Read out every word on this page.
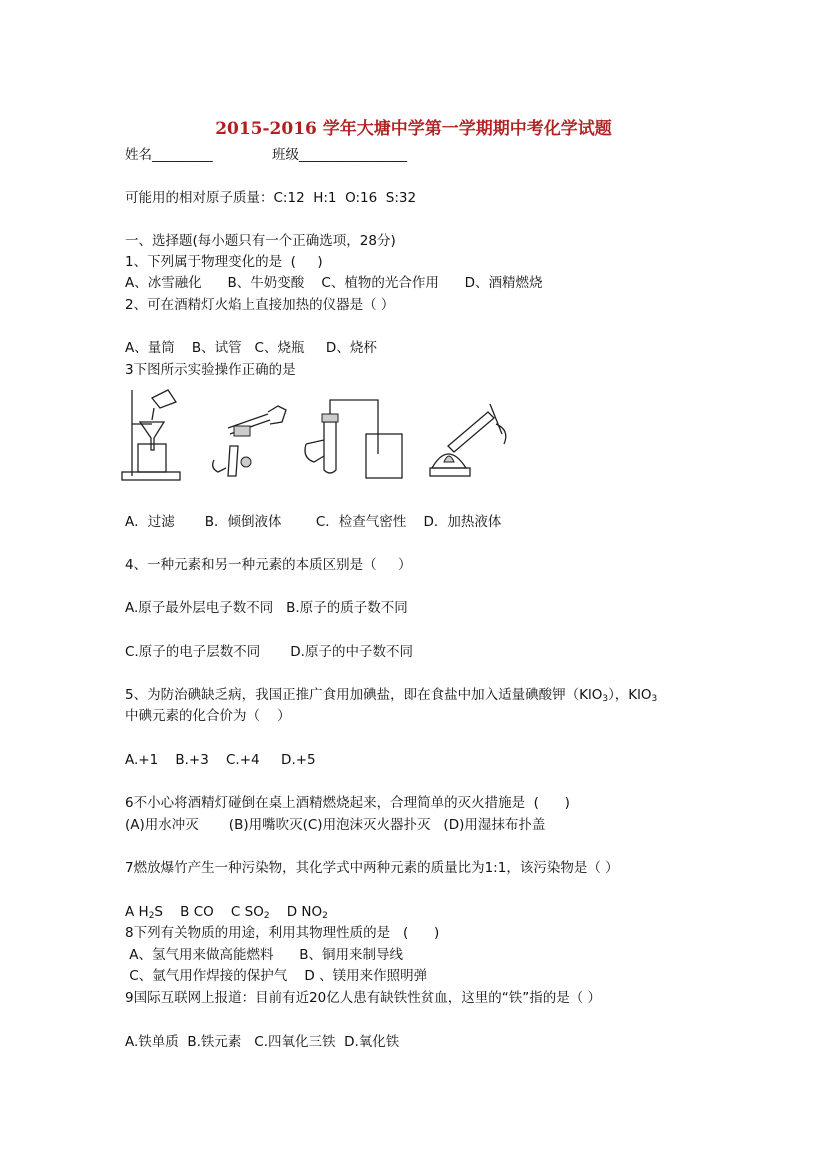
2015-2016 学年大塘中学第一学期期中考化学试题
姓名_________	班级________________
可能用的相对原子质量：C:12  H:1  O:16  S:32
一、选择题(每小题只有一个正确选项，28分)
1、下列属于物理变化的是  (     )
A、冰雪融化      B、牛奶变酸    C、植物的光合作用      D、酒精燃烧
2、可在酒精灯火焰上直接加热的仪器是（ ）
A、量筒    B、试管   C、烧瓶     D、烧杯
3下图所示实验操作正确的是
A．过滤       B．倾倒液体        C．检查气密性    D．加热液体
4、一种元素和另一种元素的本质区别是（     ）
A.原子最外层电子数不同   B.原子的质子数不同
C.原子的电子层数不同       D.原子的中子数不同
5、为防治碘缺乏病，我国正推广食用加碘盐，即在食盐中加入适量碘酸钾（KlO$_3$），KlO$_3$
中碘元素的化合价为（    ）
A.+1    B.+3    C.+4     D.+5
6不小心将酒精灯碰倒在桌上酒精燃烧起来，合理简单的灭火措施是  (      )
(A)用水冲灭       (B)用嘴吹灭(C)用泡沫灭火器扑灭   (D)用湿抹布扑盖
7燃放爆竹产生一种污染物，其化学式中两种元素的质量比为1:1，该污染物是（ ）
A $H_2S$    B CO    C $SO_2$    D $NO_2$
8下列有关物质的用途，利用其物理性质的是   (      )
A、氢气用来做高能燃料      B、铜用来制导线
C、氩气用作焊接的保护气    D 、镁用来作照明弹
9国际互联网上报道：目前有近20亿人患有缺铁性贫血，这里的“铁”指的是（ ）
A.铁单质  B.铁元素   C.四氧化三铁  D.氧化铁
